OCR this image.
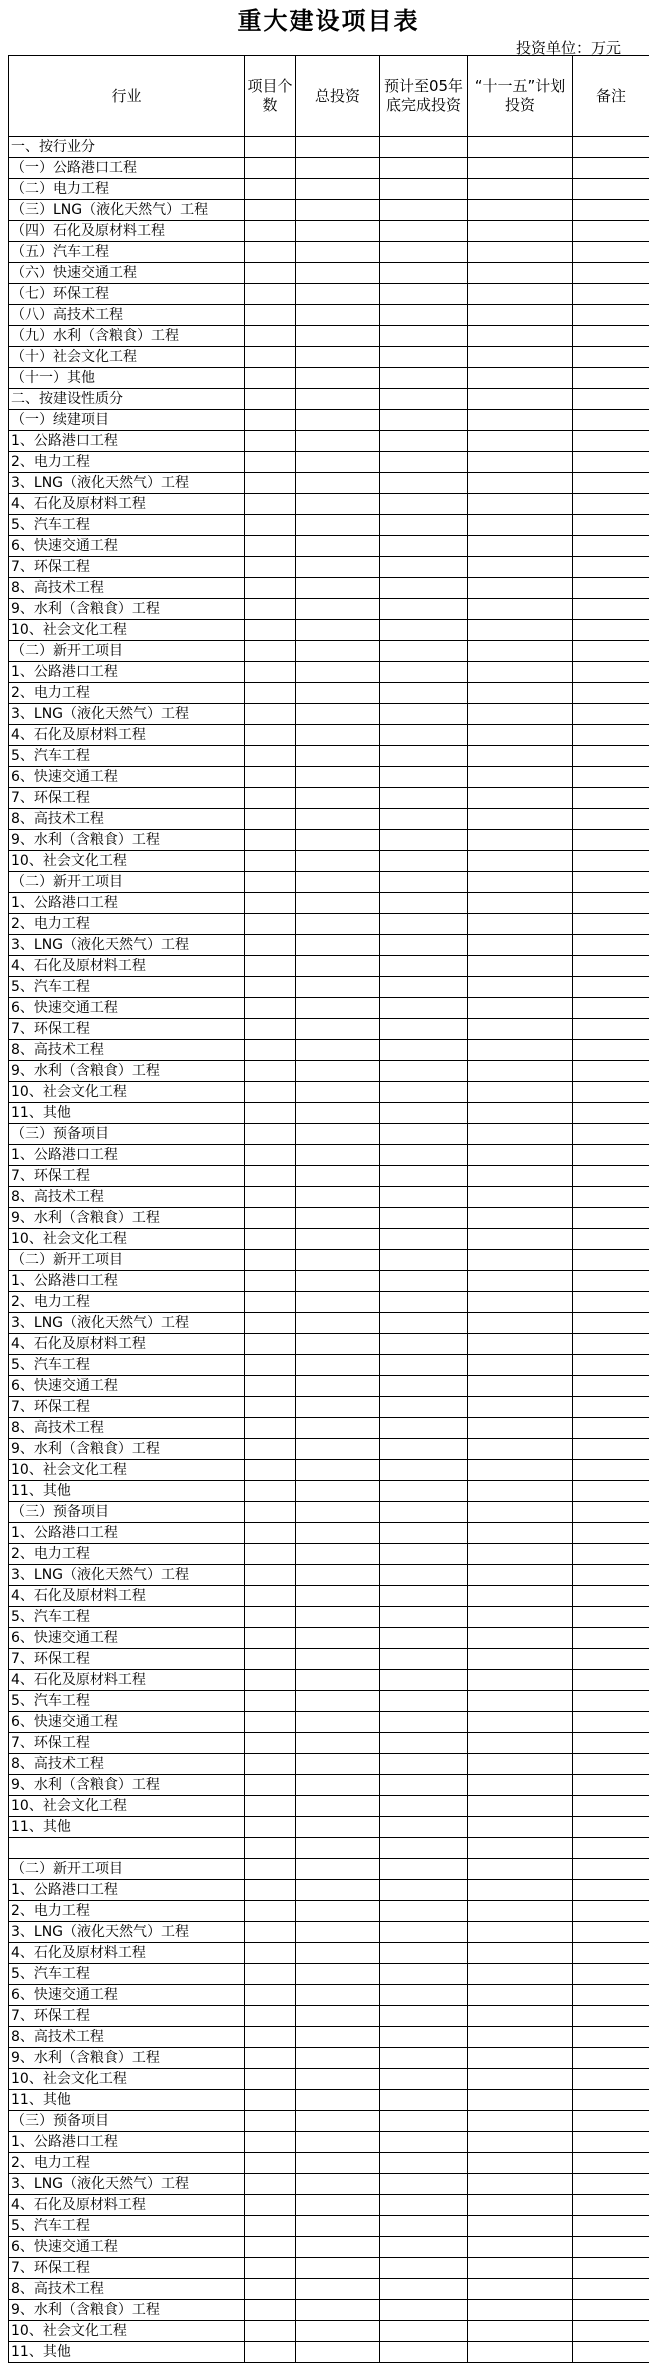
重大建设项目表
投资单位：万元
行业	项目个数	总投资	预计至05年底完成投资	“十一五”计划投资	备注
一、按行业分					
（一）公路港口工程					
（二）电力工程					
（三）LNG（液化天然气）工程					
（四）石化及原材料工程					
（五）汽车工程					
（六）快速交通工程					
（七）环保工程					
（八）高技术工程					
（九）水利（含粮食）工程					
（十）社会文化工程					
（十一）其他					
二、按建设性质分					
（一）续建项目					
1、公路港口工程					
2、电力工程					
3、LNG（液化天然气）工程					
4、石化及原材料工程					
5、汽车工程					
6、快速交通工程					
7、环保工程					
8、高技术工程					
9、水利（含粮食）工程					
10、社会文化工程					
（二）新开工项目					
1、公路港口工程					
2、电力工程					
3、LNG（液化天然气）工程					
4、石化及原材料工程					
5、汽车工程					
6、快速交通工程					
7、环保工程					
8、高技术工程					
9、水利（含粮食）工程					
10、社会文化工程					
（二）新开工项目					
1、公路港口工程					
2、电力工程					
3、LNG（液化天然气）工程					
4、石化及原材料工程					
5、汽车工程					
6、快速交通工程					
7、环保工程					
8、高技术工程					
9、水利（含粮食）工程					
10、社会文化工程					
11、其他					
（三）预备项目					
1、公路港口工程					
7、环保工程					
8、高技术工程					
9、水利（含粮食）工程					
10、社会文化工程					
（二）新开工项目					
1、公路港口工程					
2、电力工程					
3、LNG（液化天然气）工程					
4、石化及原材料工程					
5、汽车工程					
6、快速交通工程					
7、环保工程					
8、高技术工程					
9、水利（含粮食）工程					
10、社会文化工程					
11、其他					
（三）预备项目					
1、公路港口工程					
2、电力工程					
3、LNG（液化天然气）工程					
4、石化及原材料工程					
5、汽车工程					
6、快速交通工程					
7、环保工程					
4、石化及原材料工程					
5、汽车工程					
6、快速交通工程					
7、环保工程					
8、高技术工程					
9、水利（含粮食）工程					
10、社会文化工程					
11、其他					

（二）新开工项目					
1、公路港口工程					
2、电力工程					
3、LNG（液化天然气）工程					
4、石化及原材料工程					
5、汽车工程					
6、快速交通工程					
7、环保工程					
8、高技术工程					
9、水利（含粮食）工程					
10、社会文化工程					
11、其他					
（三）预备项目					
1、公路港口工程					
2、电力工程					
3、LNG（液化天然气）工程					
4、石化及原材料工程					
5、汽车工程					
6、快速交通工程					
7、环保工程					
8、高技术工程					
9、水利（含粮食）工程					
10、社会文化工程					
11、其他					
